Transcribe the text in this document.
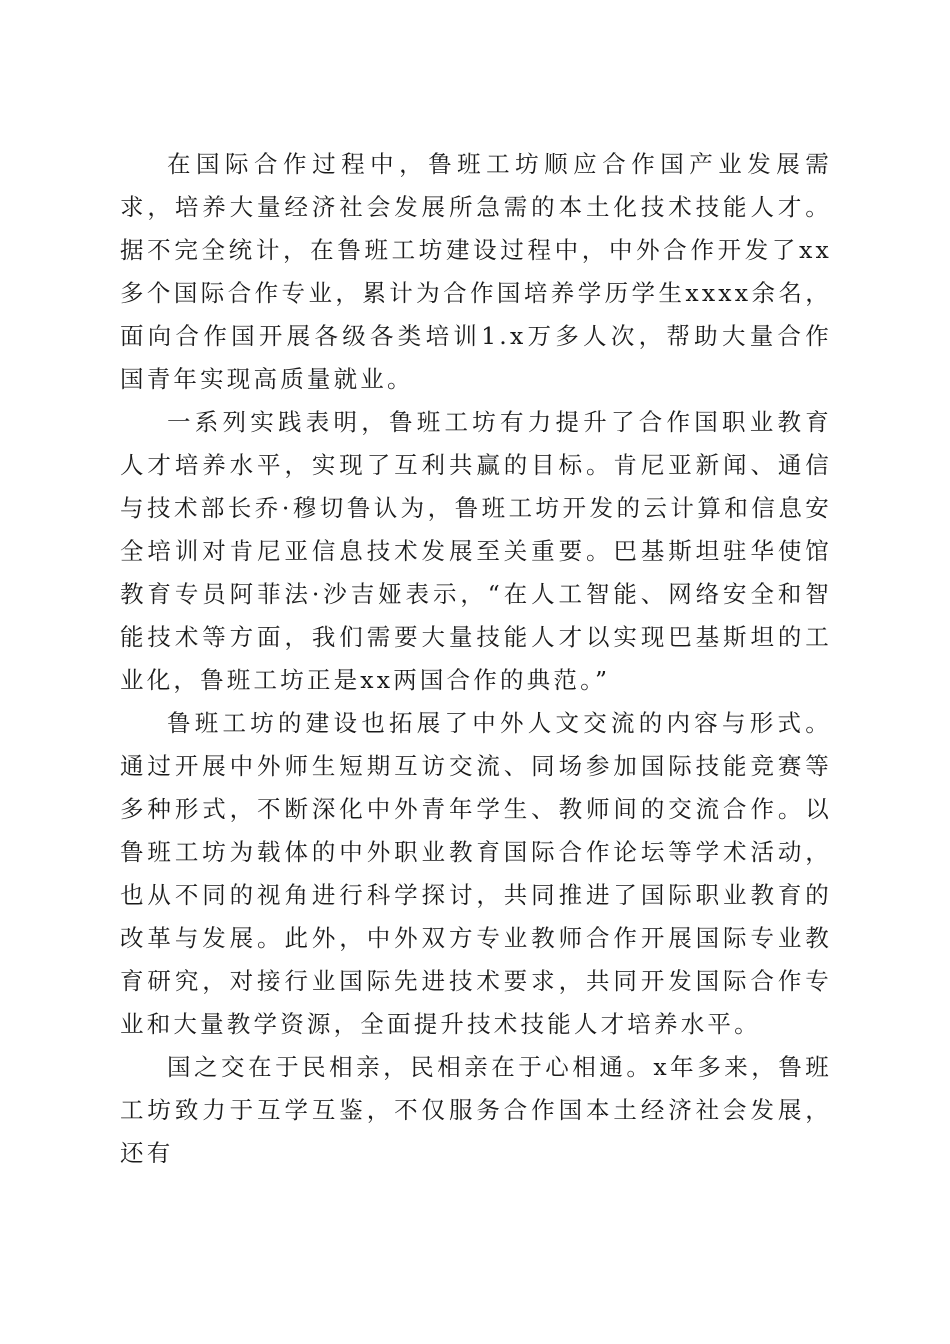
在国际合作过程中，鲁班工坊顺应合作国产业发展需求，培养大量经济社会发展所急需的本土化技术技能人才。据不完全统计，在鲁班工坊建设过程中，中外合作开发了xx多个国际合作专业，累计为合作国培养学历学生xxxx余名，面向合作国开展各级各类培训1.x万多人次，帮助大量合作国青年实现高质量就业。

一系列实践表明，鲁班工坊有力提升了合作国职业教育人才培养水平，实现了互利共赢的目标。肯尼亚新闻、通信与技术部长乔·穆切鲁认为，鲁班工坊开发的云计算和信息安全培训对肯尼亚信息技术发展至关重要。巴基斯坦驻华使馆教育专员阿菲法·沙吉娅表示，“在人工智能、网络安全和智能技术等方面，我们需要大量技能人才以实现巴基斯坦的工业化，鲁班工坊正是xx两国合作的典范。”

鲁班工坊的建设也拓展了中外人文交流的内容与形式。通过开展中外师生短期互访交流、同场参加国际技能竞赛等多种形式，不断深化中外青年学生、教师间的交流合作。以鲁班工坊为载体的中外职业教育国际合作论坛等学术活动，也从不同的视角进行科学探讨，共同推进了国际职业教育的改革与发展。此外，中外双方专业教师合作开展国际专业教育研究，对接行业国际先进技术要求，共同开发国际合作专业和大量教学资源，全面提升技术技能人才培养水平。

国之交在于民相亲，民相亲在于心相通。x年多来，鲁班工坊致力于互学互鉴，不仅服务合作国本土经济社会发展，还有
